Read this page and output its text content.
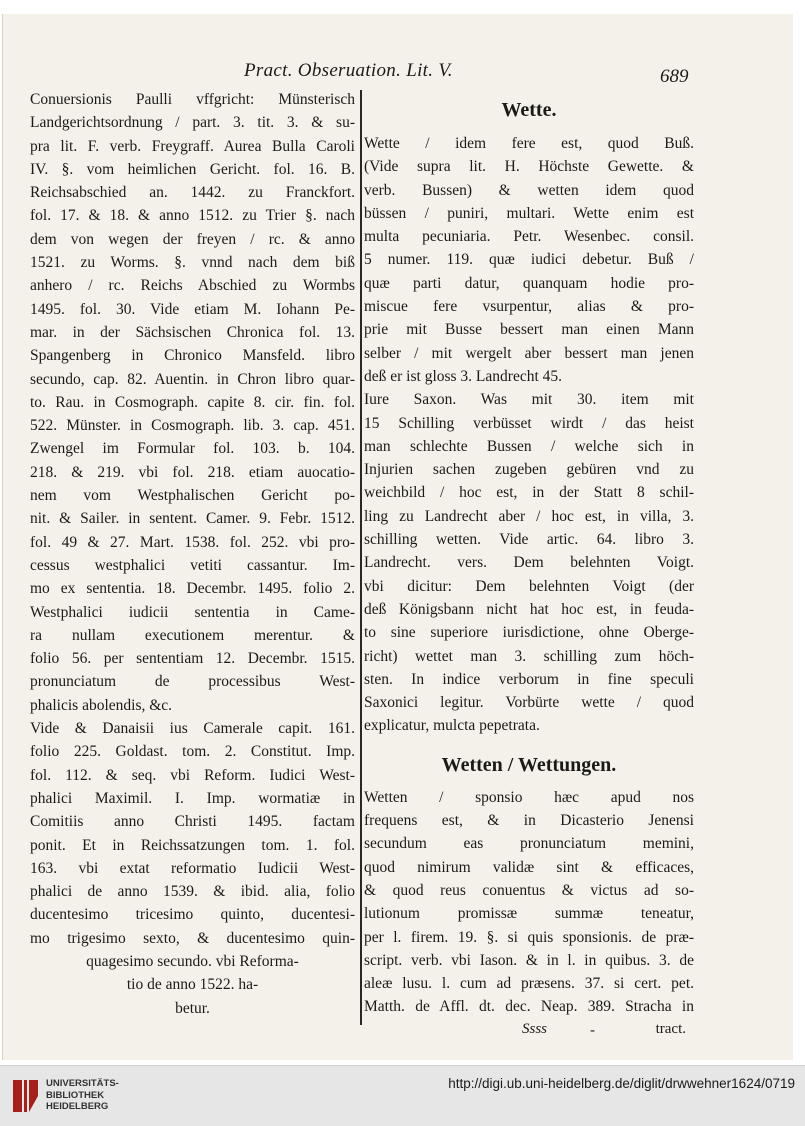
Pract. Obseruation. Lit. V.	689
Conuersionis Paulli vffgricht: Münsterisch
Landgerichtsordnung / part. 3. tit. 3. & su-
pra lit. F. verb. Freygraff. Aurea Bulla Caroli
IV. §. vom heimlichen Gericht. fol. 16. B.
Reichsabschied an. 1442. zu Franckfort.
fol. 17. & 18. & anno 1512. zu Trier §. nach
dem von wegen der freyen / rc. & anno
1521. zu Worms. §. vnnd nach dem biß
anhero / rc. Reichs Abschied zu Wormbs
1495. fol. 30. Vide etiam M. Iohann Pe-
mar. in der Sächsischen Chronica fol. 13.
Spangenberg in Chronico Mansfeld. libro
secundo, cap. 82. Auentin. in Chron libro quar-
to. Rau. in Cosmograph. capite 8. cir. fin. fol.
522. Münster. in Cosmograph. lib. 3. cap. 451.
Zwengel im Formular fol. 103. b. 104.
218. & 219. vbi fol. 218. etiam auocatio-
nem vom Westphalischen Gericht po-
nit. & Sailer. in sentent. Camer. 9. Febr. 1512.
fol. 49 & 27. Mart. 1538. fol. 252. vbi pro-
cessus westphalici vetiti cassantur. Im-
mo ex sententia. 18. Decembr. 1495. folio 2.
Westphalici iudicii sententia in Came-
ra nullam executionem merentur. &
folio 56. per sententiam 12. Decembr. 1515.
pronunciatum de processibus West-
phalicis abolendis, &c.
Vide & Danaisii ius Camerale capit. 161.
folio 225. Goldast. tom. 2. Constitut. Imp.
fol. 112. & seq. vbi Reform. Iudici West-
phalici Maximil. I. Imp. wormatiæ in
Comitiis anno Christi 1495. factam
ponit. Et in Reichssatzungen tom. 1. fol.
163. vbi extat reformatio Iudicii West-
phalici de anno 1539. & ibid. alia, folio
ducentesimo tricesimo quinto, ducentesi-
mo trigesimo sexto, & ducentesimo quin-
quagesimo secundo. vbi Reforma-
tio de anno 1522. ha-
betur.
Wette.
Wette / idem fere est, quod Buß.
(Vide supra lit. H. Höchste Gewette. &
verb. Bussen) & wetten idem quod
büssen / puniri, multari. Wette enim est
multa pecuniaria. Petr. Wesenbec. consil.
5 numer. 119. quæ iudici debetur. Buß /
quæ parti datur, quanquam hodie pro-
miscue fere vsurpentur, alias & pro-
prie mit Busse bessert man einen Mann
selber / mit wergelt aber bessert man jenen
deß er ist gloss 3. Landrecht 45.
Iure Saxon. Was mit 30. item mit
15 Schilling verbüsset wirdt / das heist
man schlechte Bussen / welche sich in
Injurien sachen zugeben gebüren vnd zu
weichbild / hoc est, in der Statt 8 schil-
ling zu Landrecht aber / hoc est, in villa, 3.
schilling wetten. Vide artic. 64. libro 3.
Landrecht. vers. Dem belehnten Voigt.
vbi dicitur: Dem belehnten Voigt (der
deß Königsbann nicht hat hoc est, in feuda-
to sine superiore iurisdictione, ohne Oberge-
richt) wettet man 3. schilling zum höch-
sten. In indice verborum in fine speculi
Saxonici legitur. Vorbürte wette / quod
explicatur, mulcta pepetrata.
Wetten / Wettungen.
Wetten / sponsio hæc apud nos
frequens est, & in Dicasterio Jenensi
secundum eas pronunciatum memini,
quod nimirum validæ sint & efficaces,
& quod reus conuentus & victus ad so-
lutionum promissæ summæ teneatur,
per l. firem. 19. §. si quis sponsionis. de præ-
script. verb. vbi Iason. & in l. in quibus. 3. de
aleæ lusu. l. cum ad præsens. 37. si cert. pet.
Matth. de Affl. dt. dec. Neap. 389. Stracha in
Ssss	-	tract.
UNIVERSITÄTS-
BIBLIOTHEK
HEIDELBERG
http://digi.ub.uni-heidelberg.de/diglit/drwwehner1624/0719
